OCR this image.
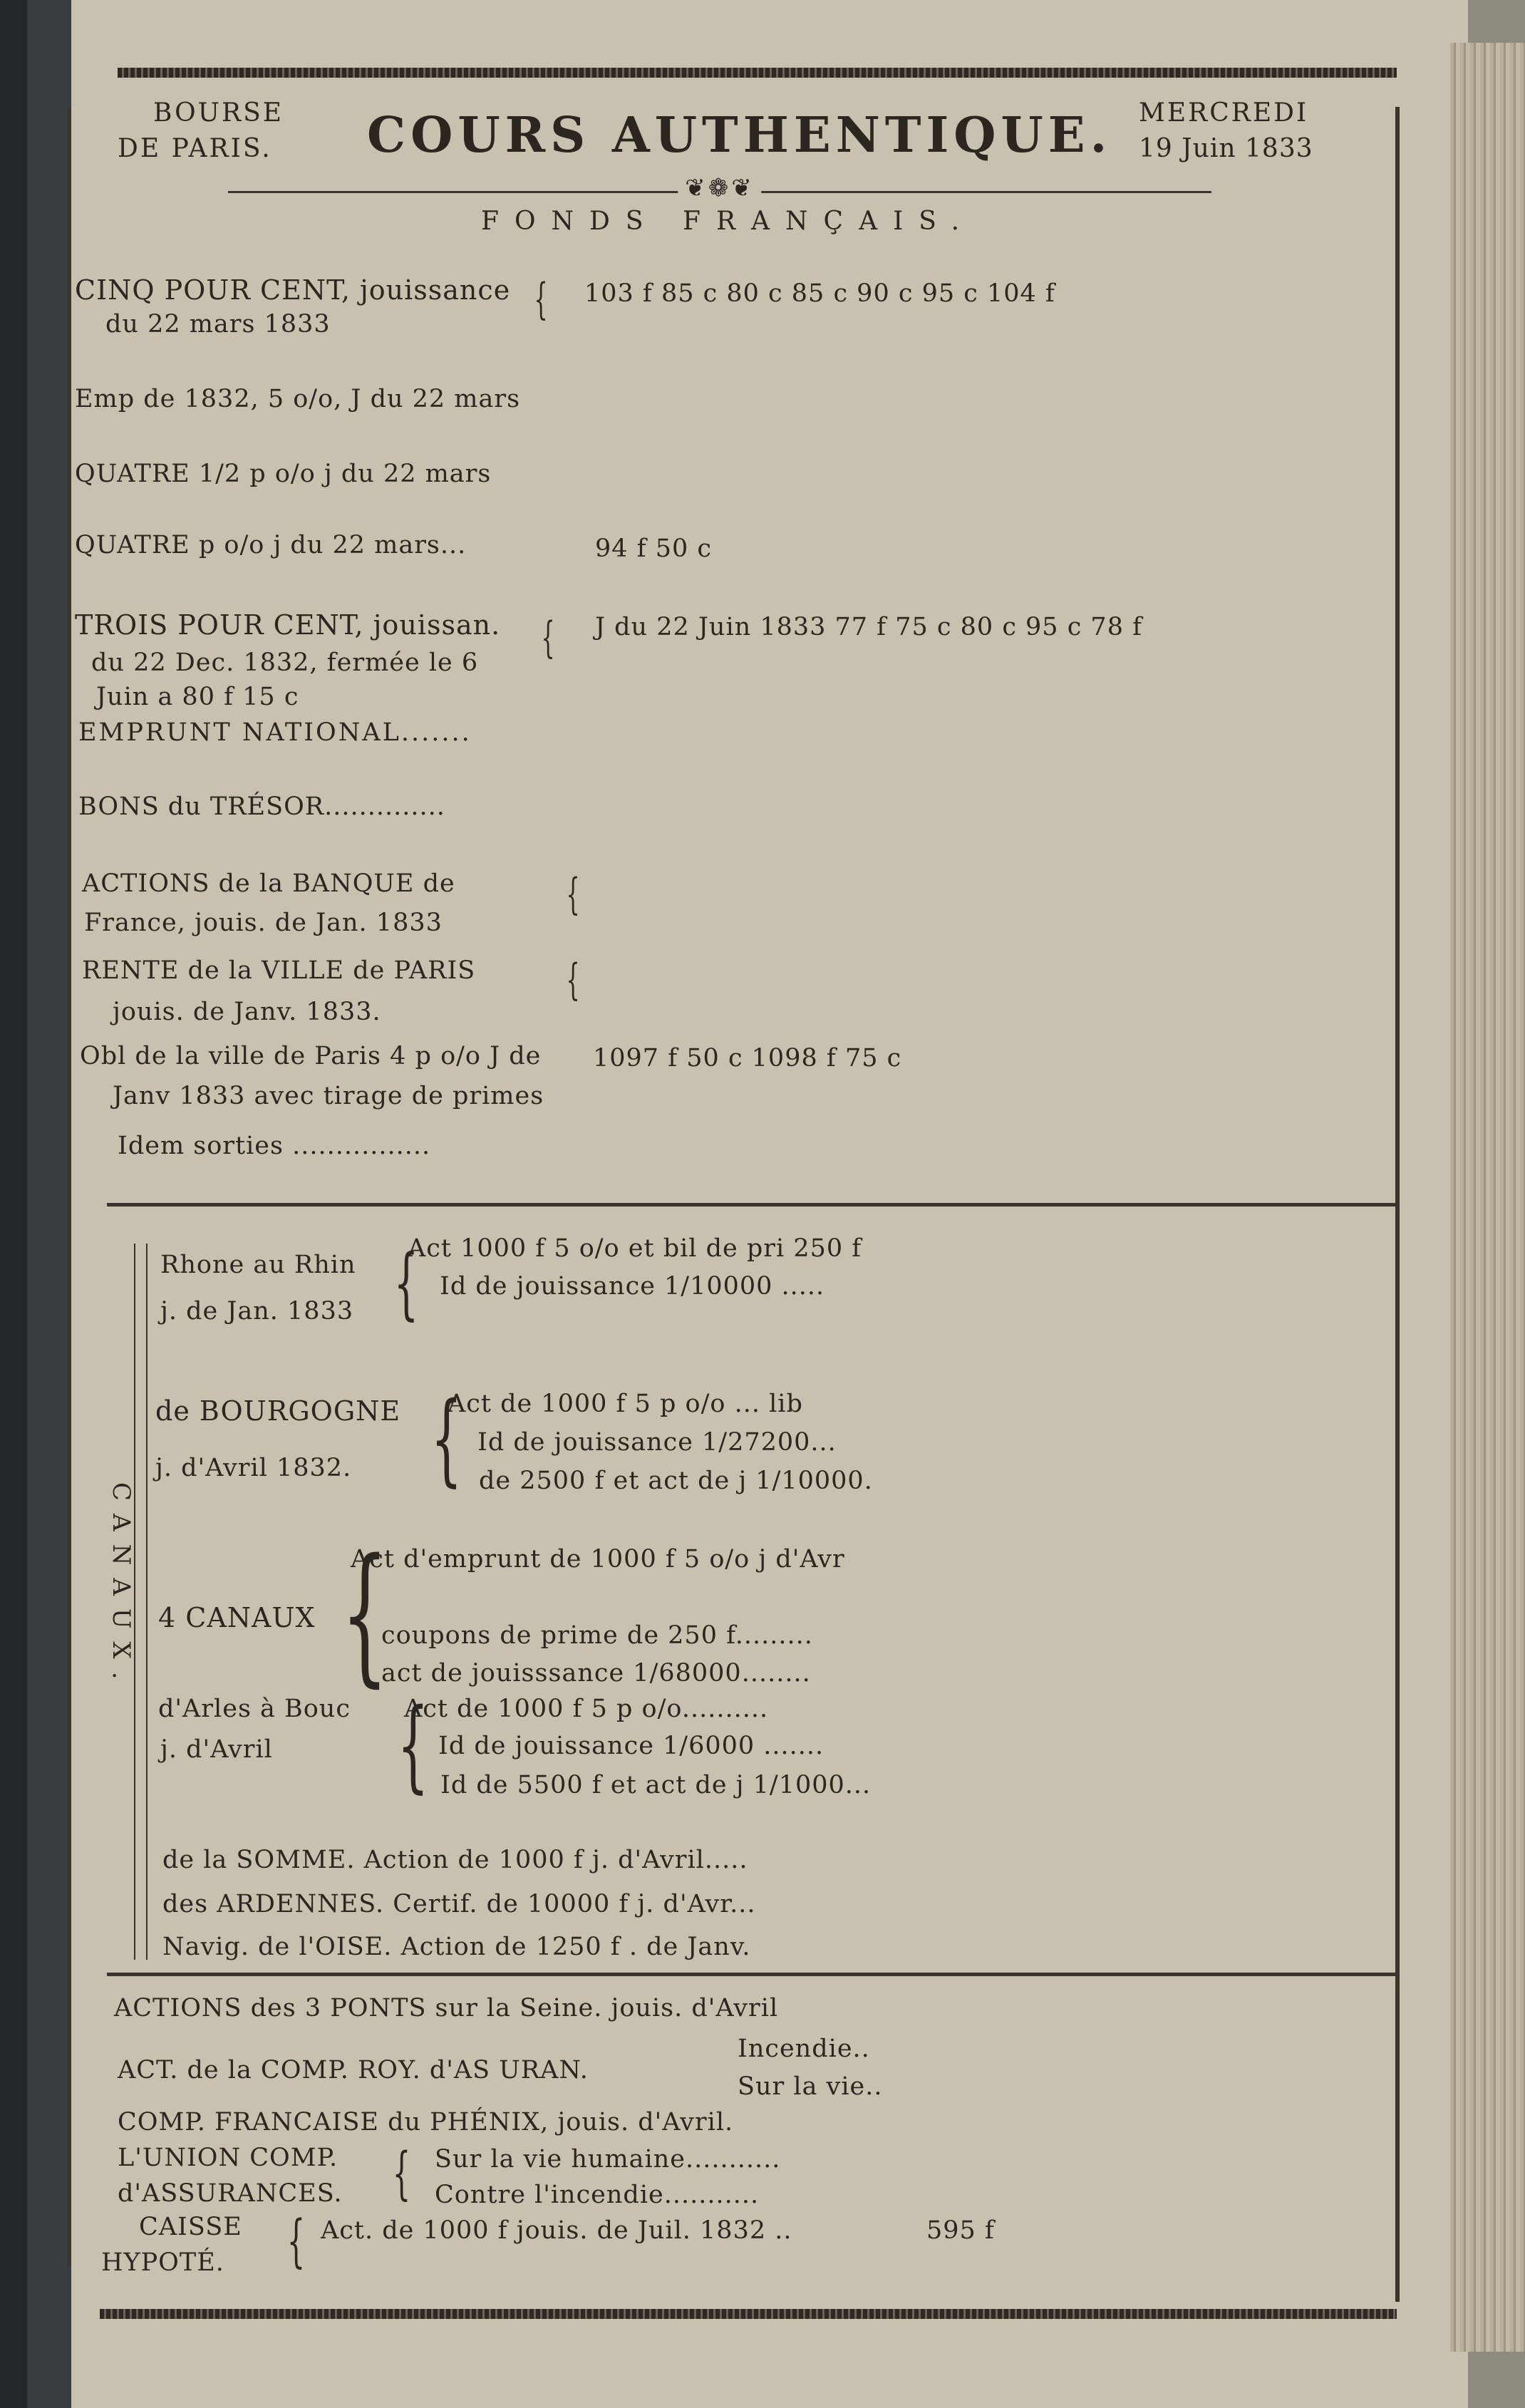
BOURSE
DE PARIS. COURS AUTHENTIQUE. MERCREDI
19 Juin 1833
❦❁❦
FONDS FRANÇAIS.
CINQ POUR CENT, jouissance
du 22 mars 1833	{ 103 f 85 c 80 c 85 c 90 c 95 c 104 f
Emp de 1832, 5 o/o, J du 22 mars
QUATRE 1/2 p o/o j du 22 mars
QUATRE p o/o j du 22 mars...	94 f 50 c
TROIS POUR CENT, jouissan.
du 22 Dec. 1832, fermée le 6
Juin a 80 f 15 c
{ J du 22 Juin 1833 77 f 75 c 80 c 95 c 78 f
EMPRUNT NATIONAL.......
BONS du TRÉSOR..............
ACTIONS de la BANQUE de
France, jouis. de Jan. 1833
{
RENTE de la VILLE de PARIS
jouis. de Janv. 1833.
{
Obl de la ville de Paris 4 p o/o J de
Janv 1833 avec tirage de primes
1097 f 50 c 1098 f 75 c
Idem sorties ................
CANAUX.
Rhone au Rhin
j. de Jan. 1833 {
Act 1000 f 5 o/o et bil de pri 250 f
Id de jouissance 1/10000 .....
de BOURGOGNE
j. d'Avril 1832. {
Act de 1000 f 5 p o/o ... lib
Id de jouissance 1/27200...
de 2500 f et act de j 1/10000.
4 CANAUX {
Act d'emprunt de 1000 f 5 o/o j d'Avr
coupons de prime de 250 f.........
act de jouisssance 1/68000........
d'Arles à Bouc
j. d'Avril {
Act de 1000 f 5 p o/o..........
Id de jouissance 1/6000 .......
Id de 5500 f et act de j 1/1000...
de la SOMME. Action de 1000 f j. d'Avril.....
des ARDENNES. Certif. de 10000 f j. d'Avr...
Navig. de l'OISE. Action de 1250 f . de Janv.
ACTIONS des 3 PONTS sur la Seine. jouis. d'Avril
ACT. de la COMP. ROY. d'AS URAN.
Incendie..
Sur la vie..
COMP. FRANCAISE du PHÉNIX, jouis. d'Avril.
L'UNION COMP.
d'ASSURANCES. { Sur la vie humaine...........
Contre l'incendie...........
CAISSE
HYPOTÉ. { Act. de 1000 f jouis. de Juil. 1832 ..	595 f
